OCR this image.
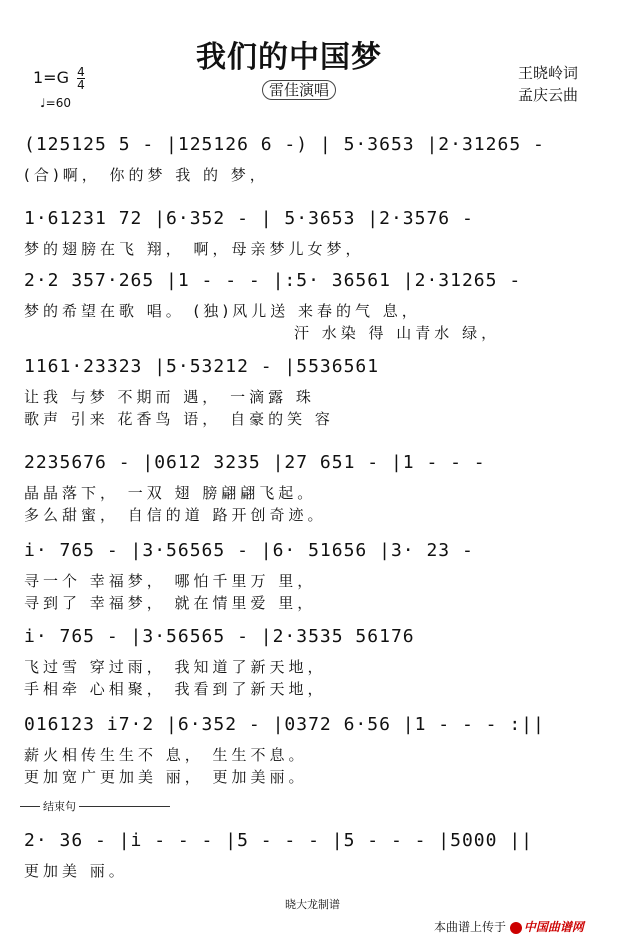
我们的中国梦
雷佳演唱
$1=G \frac{4}{4}$
♩=60
王晓岭词
孟庆云曲
(125125 5 - |125126 6 -) | 5·3653 |2·31265 -
(合)啊， 你的梦 我 的 梦，
1·61231 72 |6·352 - | 5·3653 |2·3576 -
梦的翅膀在飞 翔， 啊，母亲梦儿女梦，
2·2 357·265 |1 - - - |:5· 36561 |2·31265 -
梦的希望在歌 唱。 (独)风儿送 来春的气 息，
汗 水染 得 山青水 绿，
1161·23323 |5·53212 - |5536561
让我 与梦 不期而 遇， 一滴露 珠
歌声 引来 花香鸟 语， 自豪的笑 容
2235676 - |0612 3235 |27 651 - |1 - - -
晶晶落下， 一双 翅 膀翩翩飞起。
多么甜蜜， 自信的道 路开创奇迹。
i· 765 - |3·56565 - |6· 51656 |3· 23 -
寻一个 幸福梦， 哪怕千里万 里，
寻到了 幸福梦， 就在情里爱 里，
i· 765 - |3·56565 - |2·3535 56176
飞过雪 穿过雨， 我知道了新天地，
手相牵 心相聚， 我看到了新天地，
016123 i7·2 |6·352 - |0372 6·56 |1 - - - :||
薪火相传生生不 息， 生生不息。
更加宽广更加美 丽， 更加美丽。
结束句
2· 36 - |i - - - |5 - - - |5 - - - |5000 ||
更加美 丽。
晓大龙制谱
本曲谱上传于 中国曲谱网
